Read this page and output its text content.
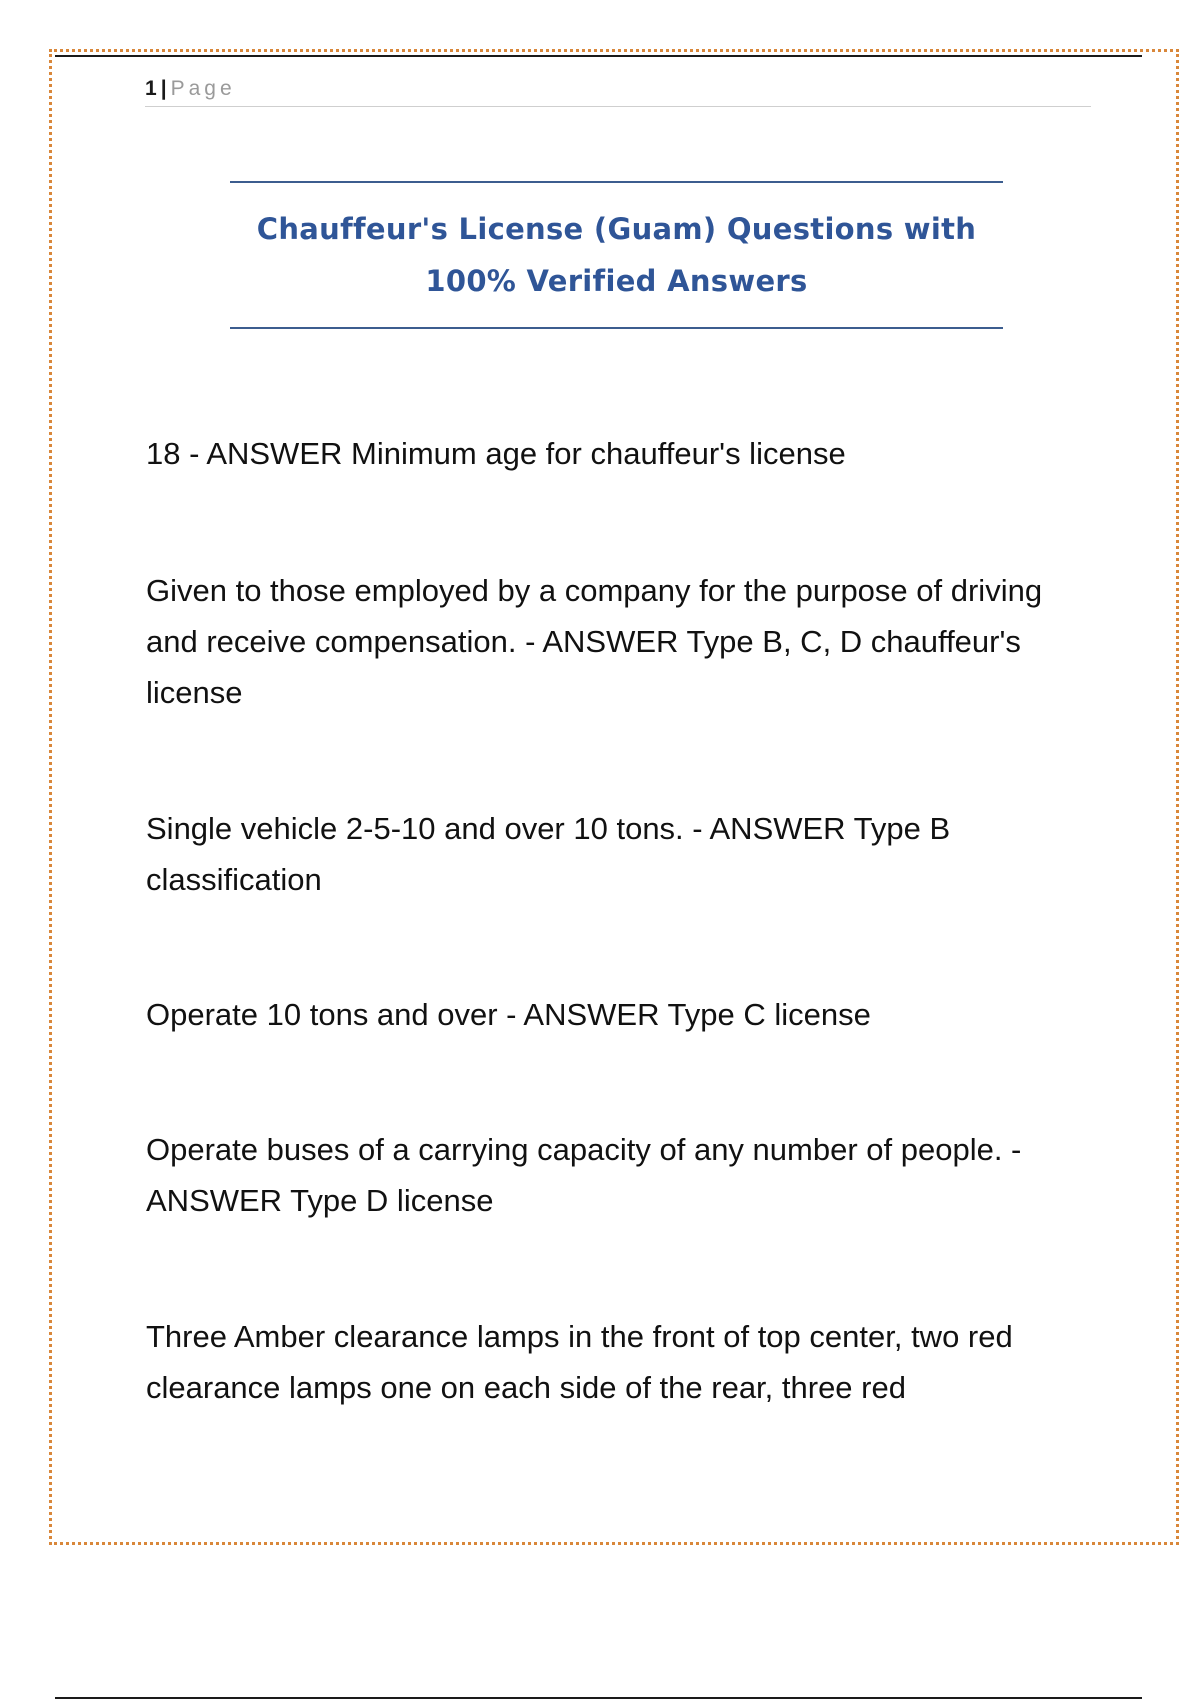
1 | Page
Chauffeur's License (Guam) Questions with
100% Verified Answers

18 - ANSWER Minimum age for chauffeur's license

Given to those employed by a company for the purpose of driving and receive compensation. - ANSWER Type B, C, D chauffeur's license

Single vehicle 2-5-10 and over 10 tons. - ANSWER Type B classification

Operate 10 tons and over - ANSWER Type C license

Operate buses of a carrying capacity of any number of people. - ANSWER Type D license

Three Amber clearance lamps in the front of top center, two red clearance lamps one on each side of the rear, three red
